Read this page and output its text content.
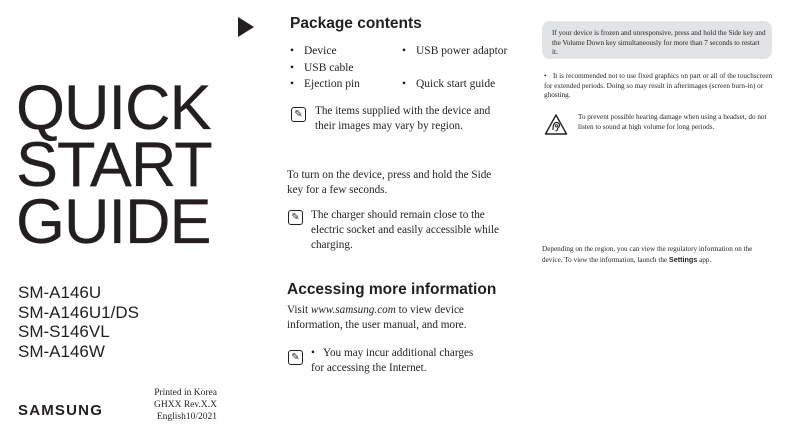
QUICK
START
GUIDE
SM-A146U
SM-A146U1/DS
SM-S146VL
SM-A146W
Printed in Korea
GHXX Rev.X.X
English10/2021
SAMSUNG
Package contents
• Device
• USB cable
• Ejection pin
• USB power adaptor
• Quick start guide
✎ The items supplied with the device and their images may vary by region.
To turn on the device, press and hold the Side key for a few seconds.
✎ The charger should remain close to the electric socket and easily accessible while charging.
Accessing more information
Visit www.samsung.com to view device information, the user manual, and more.
✎ • You may incur additional charges for accessing the Internet.
If your device is frozen and unresponsive, press and hold the Side key and the Volume Down key simultaneously for more than 7 seconds to restart it.
• It is recommended not to use fixed graphics on part or all of the touchscreen for extended periods. Doing so may result in afterimages (screen burn-in) or ghosting.
To prevent possible hearing damage when using a headset, do not listen to sound at high volume for long periods.
Depending on the region, you can view the regulatory information on the device. To view the information, launch the Settings app.
